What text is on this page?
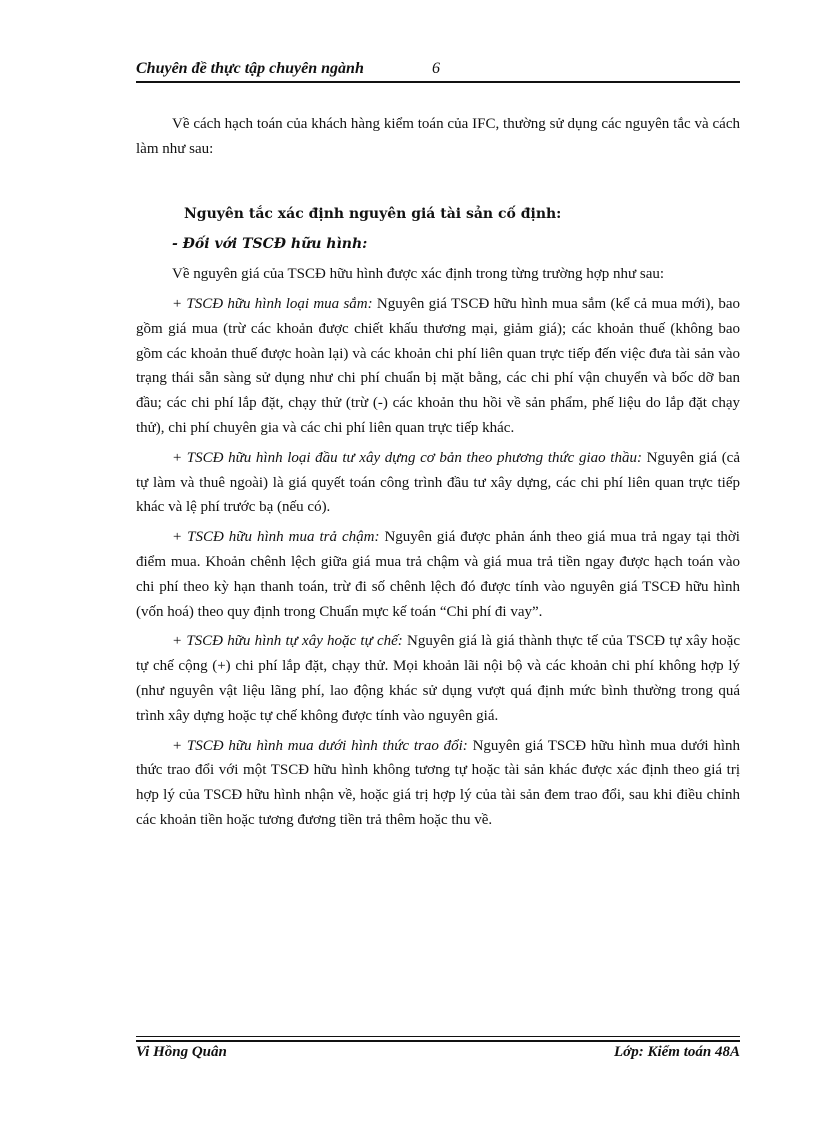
Chuyên đề thực tập chuyên ngành	6

Về cách hạch toán của khách hàng kiểm toán của IFC, thường sử dụng các nguyên tắc và cách làm như sau:

Nguyên tắc xác định nguyên giá tài sản cố định:

- Đối với TSCĐ hữu hình:

Về nguyên giá của TSCĐ hữu hình được xác định trong từng trường hợp như sau:

+ TSCĐ hữu hình loại mua sắm: Nguyên giá TSCĐ hữu hình mua sắm (kể cả mua mới), bao gồm giá mua (trừ các khoản được chiết khấu thương mại, giảm giá); các khoản thuế (không bao gồm các khoản thuế được hoàn lại) và các khoản chi phí liên quan trực tiếp đến việc đưa tài sản vào trạng thái sẵn sàng sử dụng như chi phí chuẩn bị mặt bằng, các chi phí vận chuyển và bốc dỡ ban đầu; các chi phí lắp đặt, chạy thử (trừ (-) các khoản thu hồi về sản phẩm, phế liệu do lắp đặt chạy thử), chi phí chuyên gia và các chi phí liên quan trực tiếp khác.

+ TSCĐ hữu hình loại đầu tư xây dựng cơ bản theo phương thức giao thầu: Nguyên giá (cả tự làm và thuê ngoài) là giá quyết toán công trình đầu tư xây dựng, các chi phí liên quan trực tiếp khác và lệ phí trước bạ (nếu có).

+ TSCĐ hữu hình mua trả chậm: Nguyên giá được phản ánh theo giá mua trả ngay tại thời điểm mua. Khoản chênh lệch giữa giá mua trả chậm và giá mua trả tiền ngay được hạch toán vào chi phí theo kỳ hạn thanh toán, trừ đi số chênh lệch đó được tính vào nguyên giá TSCĐ hữu hình (vốn hoá) theo quy định trong Chuẩn mực kế toán “Chi phí đi vay”.

+ TSCĐ hữu hình tự xây hoặc tự chế: Nguyên giá là giá thành thực tế của TSCĐ tự xây hoặc tự chế cộng (+) chi phí lắp đặt, chạy thử. Mọi khoản lãi nội bộ và các khoản chi phí không hợp lý (như nguyên vật liệu lãng phí, lao động khác sử dụng vượt quá định mức bình thường trong quá trình xây dựng hoặc tự chế không được tính vào nguyên giá.

+ TSCĐ hữu hình mua dưới hình thức trao đổi: Nguyên giá TSCĐ hữu hình mua dưới hình thức trao đổi với một TSCĐ hữu hình không tương tự hoặc tài sản khác được xác định theo giá trị hợp lý của TSCĐ hữu hình nhận về, hoặc giá trị hợp lý của tài sản đem trao đổi, sau khi điều chỉnh các khoản tiền hoặc tương đương tiền trả thêm hoặc thu về.

Vi Hồng Quân	Lớp: Kiểm toán 48A
